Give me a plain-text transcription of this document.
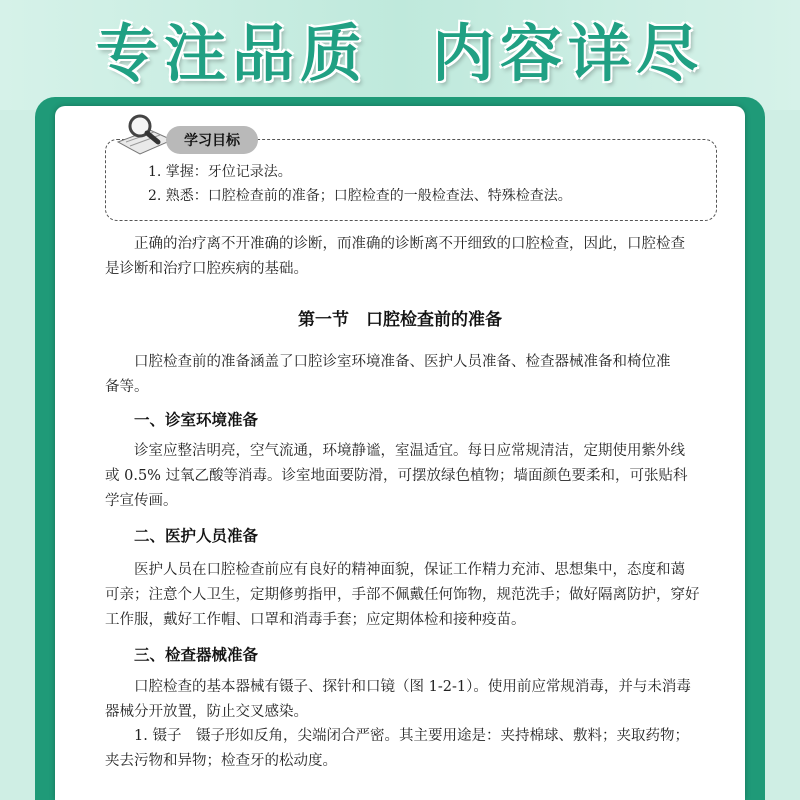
专注品质 内容详尽
学习目标
1. 掌握：牙位记录法。
2. 熟悉：口腔检查前的准备；口腔检查的一般检查法、特殊检查法。
正确的治疗离不开准确的诊断，而准确的诊断离不开细致的口腔检查，因此，口腔检查
是诊断和治疗口腔疾病的基础。
第一节　口腔检查前的准备
口腔检查前的准备涵盖了口腔诊室环境准备、医护人员准备、检查器械准备和椅位准
备等。
一、诊室环境准备
诊室应整洁明亮，空气流通，环境静谧，室温适宜。每日应常规清洁，定期使用紫外线
或 0.5% 过氧乙酸等消毒。诊室地面要防滑，可摆放绿色植物；墙面颜色要柔和，可张贴科
学宣传画。
二、医护人员准备
医护人员在口腔检查前应有良好的精神面貌，保证工作精力充沛、思想集中，态度和蔼
可亲；注意个人卫生，定期修剪指甲，手部不佩戴任何饰物，规范洗手；做好隔离防护，穿好
工作服，戴好工作帽、口罩和消毒手套；应定期体检和接种疫苗。
三、检查器械准备
口腔检查的基本器械有镊子、探针和口镜（图 1-2-1）。使用前应常规消毒，并与未消毒
器械分开放置，防止交叉感染。
1. 镊子　镊子形如反角，尖端闭合严密。其主要用途是：夹持棉球、敷料；夹取药物；
夹去污物和异物；检查牙的松动度。
